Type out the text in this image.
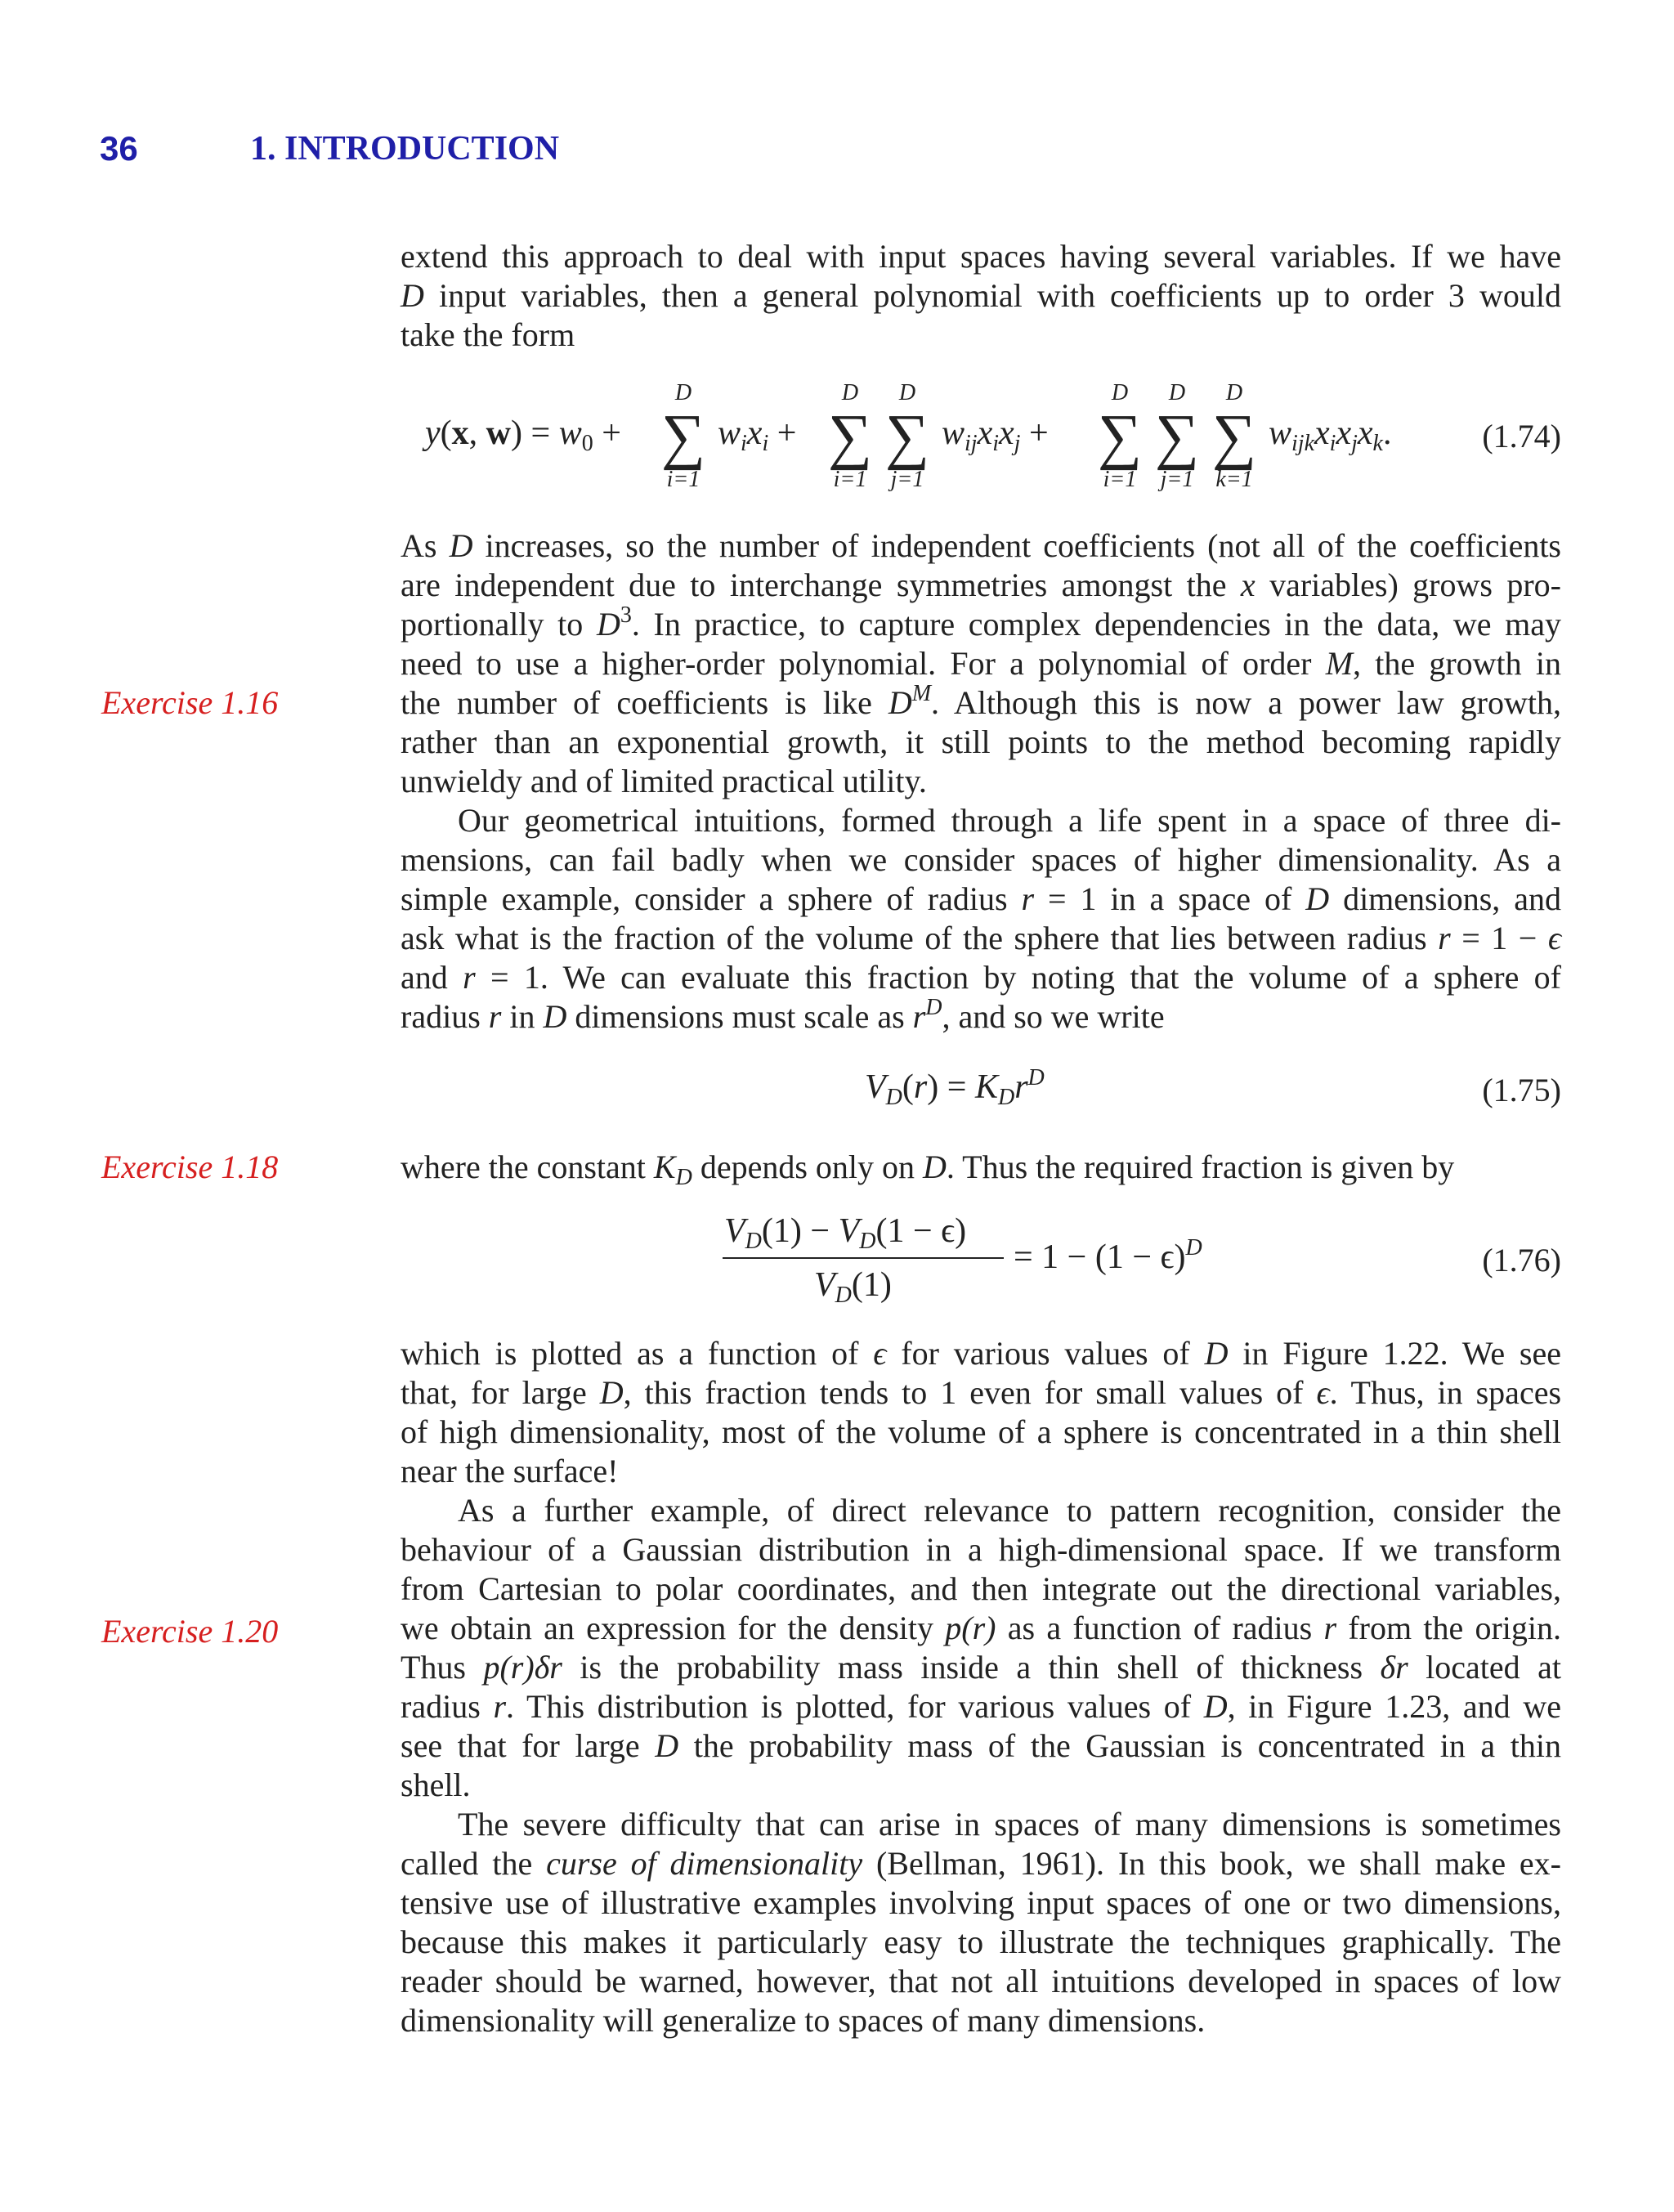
36	1. INTRODUCTION
Exercise 1.16
Exercise 1.18
Exercise 1.20
extend this approach to deal with input spaces having several variables. If we have
D input variables, then a general polynomial with coefficients up to order 3 would
take the form
y(x, $w) = w_0$ +
D
∑
i=1
$w_ix_i$ +
D
∑
i=1
D
∑
j=1
$w_{ij}x_ix_j$ +
D
∑
i=1
D
∑
j=1
D
∑
k=1
$w_{ijk}x_ix_jx_k$.	(1.74)
As D increases, so the number of independent coefficients (not all of the coefficients
are independent due to interchange symmetries amongst the x variables) grows pro-
portionally to $D^3$. In practice, to capture complex dependencies in the data, we may
need to use a higher-order polynomial. For a polynomial of order M, the growth in
the number of coefficients is like $D^M$. Although this is now a power law growth,
rather than an exponential growth, it still points to the method becoming rapidly
unwieldy and of limited practical utility.
Our geometrical intuitions, formed through a life spent in a space of three di-
mensions, can fail badly when we consider spaces of higher dimensionality. As a
simple example, consider a sphere of radius r = 1 in a space of D dimensions, and
ask what is the fraction of the volume of the sphere that lies between radius r = 1 − ϵ
and r = 1. We can evaluate this fraction by noting that the volume of a sphere of
radius r in D dimensions must scale as $r^D$, and so we write
$V_D(r) = K_Dr^D$	(1.75)
where the constant $K_D$ depends only on D. Thus the required fraction is given by
$V_D(1) - V_D(1 - \epsilon)$
$V_D(1)$
= $1 - (1 - \epsilon)^D$	(1.76)
which is plotted as a function of ϵ for various values of D in Figure 1.22. We see
that, for large D, this fraction tends to 1 even for small values of ϵ. Thus, in spaces
of high dimensionality, most of the volume of a sphere is concentrated in a thin shell
near the surface!
As a further example, of direct relevance to pattern recognition, consider the
behaviour of a Gaussian distribution in a high-dimensional space. If we transform
from Cartesian to polar coordinates, and then integrate out the directional variables,
we obtain an expression for the density p(r) as a function of radius r from the origin.
Thus p(r)δr is the probability mass inside a thin shell of thickness δr located at
radius r. This distribution is plotted, for various values of D, in Figure 1.23, and we
see that for large D the probability mass of the Gaussian is concentrated in a thin
shell.
The severe difficulty that can arise in spaces of many dimensions is sometimes
called the curse of dimensionality (Bellman, 1961). In this book, we shall make ex-
tensive use of illustrative examples involving input spaces of one or two dimensions,
because this makes it particularly easy to illustrate the techniques graphically. The
reader should be warned, however, that not all intuitions developed in spaces of low
dimensionality will generalize to spaces of many dimensions.
